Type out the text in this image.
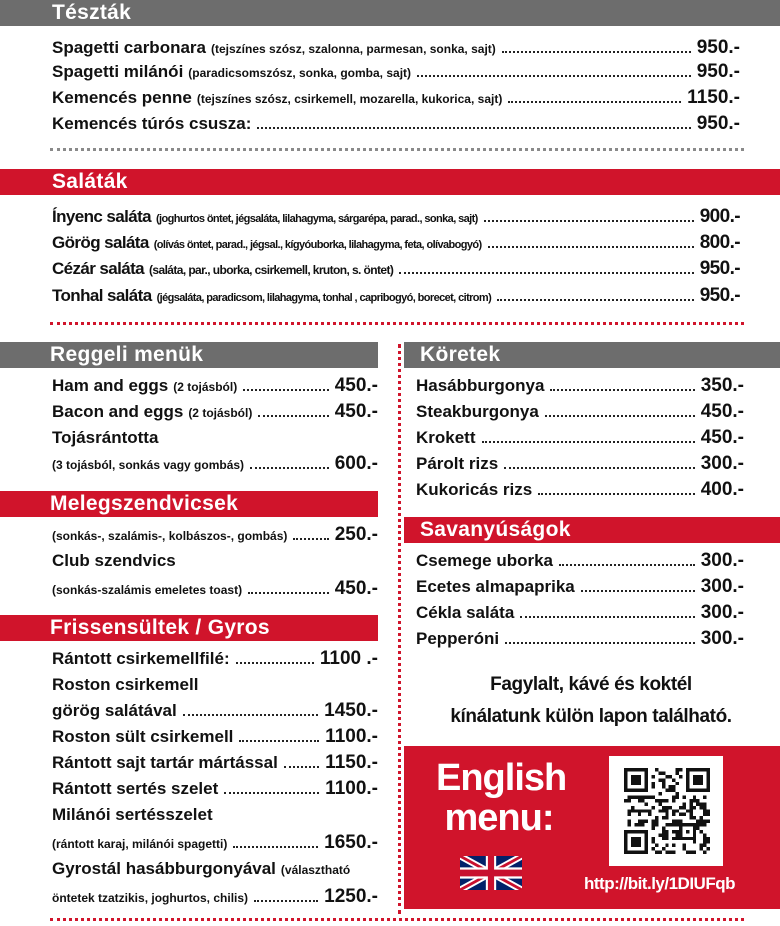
Tészták
Spagetti carbonara (tejszínes szósz, szalonna, parmesan, sonka, sajt)	950.-
Spagetti milánói (paradicsomszósz, sonka, gomba, sajt)	950.-
Kemencés penne (tejszínes szósz, csirkemell, mozarella, kukorica, sajt)	1150.-
Kemencés túrós csusza:	950.-
Saláták
Ínyenc saláta (joghurtos öntet, jégsaláta, lilahagyma, sárgarépa, parad., sonka, sajt)	900.-
Görög saláta (olívás öntet, parad., jégsal., kígyóuborka, lilahagyma, feta, olívabogyó)	800.-
Cézár saláta (saláta, par., uborka, csirkemell, kruton, s. öntet)	950.-
Tonhal saláta (jégsaláta, paradicsom, lilahagyma, tonhal , capribogyó, borecet, citrom)	950.-
Reggeli menük
Ham and eggs (2 tojásból)	450.-
Bacon and eggs (2 tojásból)	450.-
Tojásrántotta
(3 tojásból, sonkás vagy gombás)	600.-
Melegszendvicsek
(sonkás-, szalámis-, kolbászos-, gombás) 250.-
Club szendvics
(sonkás-szalámis emeletes toast)	450.-
Frissensültek / Gyros
Rántott csirkemellfilé:	1100 .-
Roston csirkemell
görög salátával	1450.-
Roston sült csirkemell	1100.-
Rántott sajt tartár mártással 1150.-
Rántott sertés szelet	1100.-
Milánói sertésszelet
(rántott karaj, milánói spagetti)	1650.-
Gyrostál hasábburgonyával (választható
öntetek tzatzikis, joghurtos, chilis)	1250.-
Köretek
Hasábburgonya	350.-
Steakburgonya	450.-
Krokett	450.-
Párolt rizs	300.-
Kukoricás rizs	400.-
Savanyúságok
Csemege uborka	300.-
Ecetes almapaprika	300.-
Cékla saláta	300.-
Pepperóni	300.-
Fagylalt, kávé és koktél
kínálatunk külön lapon található.
English
menu:
http://bit.ly/1DIUFqb
